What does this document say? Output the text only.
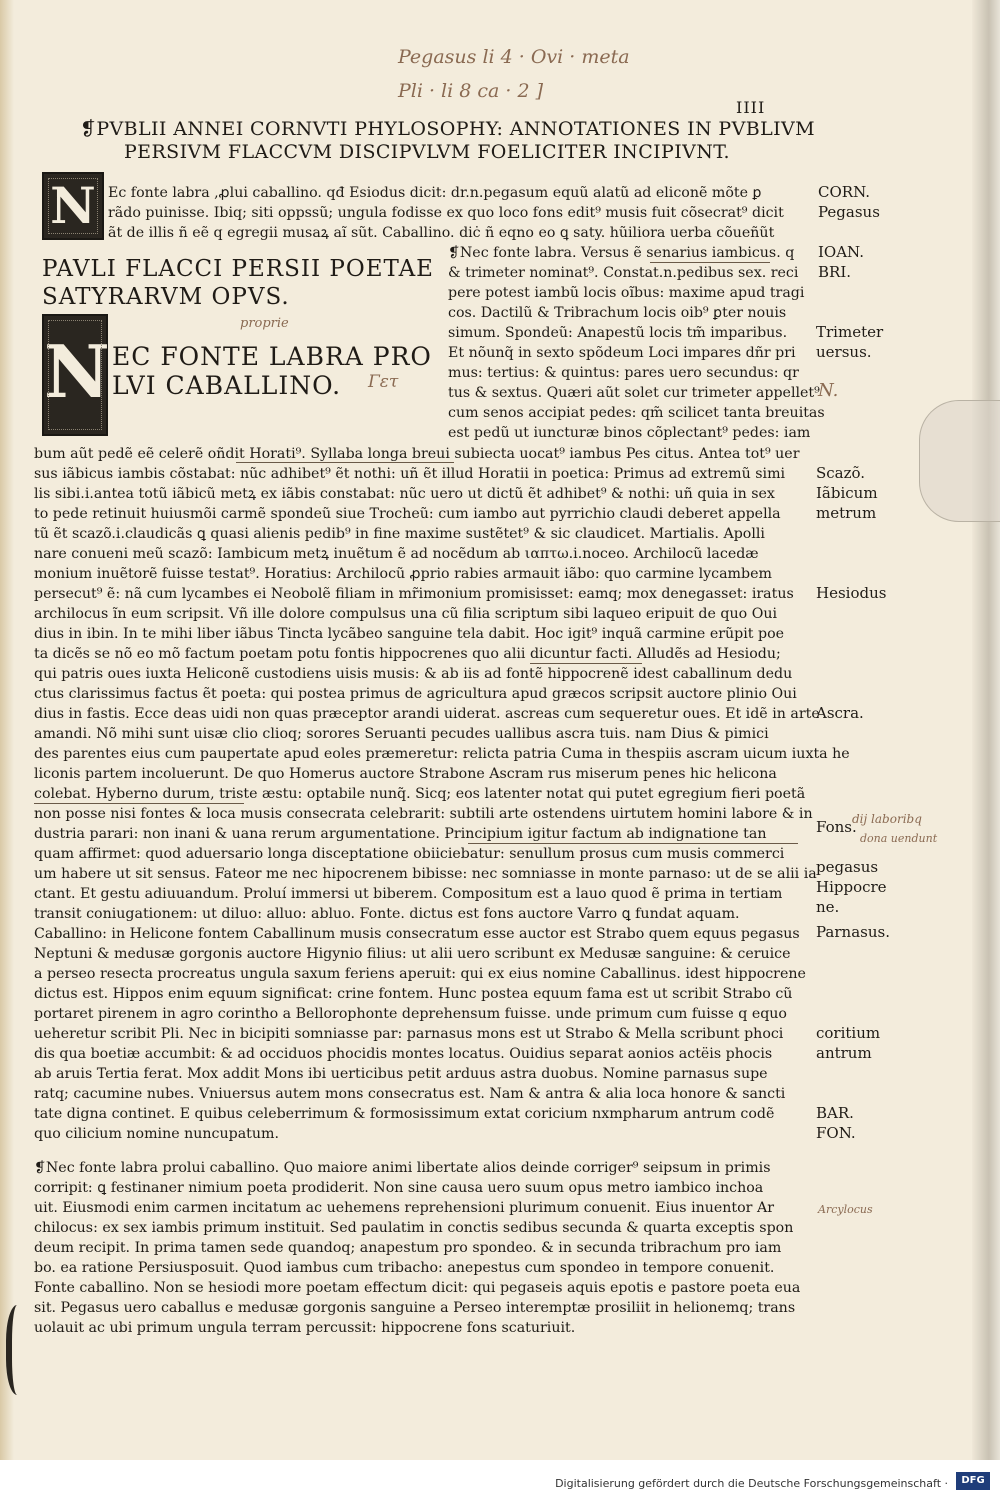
Pegasus li 4 · Ovi · meta
Pli · li 8 ca · 2 ]
IIII
❡PVBLII ANNEI CORNVTI PHYLOSOPHY: ANNOTATIONES IN PVBLIVM
PERSIVM FLACCVM DISCIPVLVM FOELICITER INCIPIVNT.
N Ec fonte labra ,ꝓlui caballino. qđ Esiodus dicit: dr.n.pegasum equũ alatũ ad eliconẽ mõte ꝑ
rãdo puinisse. Ibiq; siti oppssũ; ungula fodisse ex quo loco fons edit⁹ musis fuit cõsecrat⁹ dicit
ãt de illis ñ eẽ q egregii musaꝝ aĩ sũt. Caballino. diċ ñ eqno eo ꝗ saty. hũiliora uerba cõueñũt
PAVLI FLACCI PERSII POETAE
SATYRARVM OPVS.
N
proprie
EC FONTE LABRA PRO
LVI CABALLINO. Γετ
❡Nec fonte labra. Versus ẽ senarius iambicus. q
& trimeter nominat⁹. Constat.n.pedibus sex. reci
pere potest iambũ locis oĩbus: maxime apud tragi
cos. Dactilũ & Tribrachum locis oib⁹ ꝑter nouis
simum. Spondeũ: Anapestũ locis tm̃ imparibus.
Et nõunq̃ in sexto spõdeum Loci impares dñr pri
mus: tertius: & quintus: pares uero secundus: qr
tus & sextus. Quæri aũt solet cur trimeter appellet⁹
cum senos accipiat pedes: qm̃ scilicet tanta breuitas
est pedũ ut iuncturæ binos cõplectant⁹ pedes: iam
bum aũt pedẽ eẽ celerẽ oñdit Horati⁹. Syllaba longa breui subiecta uocat⁹ iambus Pes citus. Antea tot⁹ uer
sus iãbicus iambis cõstabat: nũc adhibet⁹ ẽt nothi: uñ ẽt illud Horatii in poetica: Primus ad extremũ simi
lis sibi.i.antea totũ iãbicũ metꝝ ex iãbis constabat: nũc uero ut dictũ ẽt adhibet⁹ & nothi: uñ quia in sex
to pede retinuit huiusmõi carmẽ spondeũ siue Trocheũ: cum iambo aut pyrrichio claudi deberet appella
tũ ẽt scazõ.i.claudicãs ꝗ quasi alienis pedib⁹ in fine maxime sustẽtet⁹ & sic claudicet. Martialis. Apolli
nare conueni meũ scazõ: Iambicum metꝝ inuẽtum ẽ ad nocẽdum ab ιαπτω.i.noceo. Archilocũ lacedæ
monium inuẽtorẽ fuisse testat⁹. Horatius: Archilocũ ꝓprio rabies armauit iãbo: quo carmine lycambem
persecut⁹ ẽ: nã cum lycambes ei Neobolẽ filiam in mr̃imonium promisisset: eamq; mox denegasset: iratus
archilocus ĩn eum scripsit. Vñ ille dolore compulsus una cũ filia scriptum sibi laqueo eripuit de quo Oui
dius in ibin. In te mihi liber iãbus Tincta lycãbeo sanguine tela dabit. Hoc igit⁹ inquã carmine erũpit poe
ta dicẽs se nõ eo mõ factum poetam potu fontis hippocrenes quo alii dicuntur facti. Alludẽs ad Hesiodu;
qui patris oues iuxta Heliconẽ custodiens uisis musis: & ab iis ad fontẽ hippocrenẽ idest caballinum dedu
ctus clarissimus factus ẽt poeta: qui postea primus de agricultura apud græcos scripsit auctore plinio Oui
dius in fastis. Ecce deas uidi non quas præceptor arandi uiderat. ascreas cum sequeretur oues. Et idẽ in arte
amandi. Nõ mihi sunt uisæ clio clioq; sorores Seruanti pecudes uallibus ascra tuis. nam Dius & pimici
des parentes eius cum paupertate apud eoles præmeretur: relicta patria Cuma in thespiis ascram uicum iuxta he
liconis partem incoluerunt. De quo Homerus auctore Strabone Ascram rus miserum penes hic helicona
colebat. Hyberno durum, triste æstu: optabile nunq̃. Sicq; eos latenter notat qui putet egregium fieri poetã
non posse nisi fontes & loca musis consecrata celebrarit: subtili arte ostendens uirtutem homini labore & in
dustria parari: non inani & uana rerum argumentatione. Principium igitur factum ab indignatione tan
quam affirmet: quod aduersario longa disceptatione obiiciebatur: senullum prosus cum musis commerci
um habere ut sit sensus. Fateor me nec hipocrenem bibisse: nec somniasse in monte parnaso: ut de se alii ia
ctant. Et gestu adiuuandum. Proluí immersi ut biberem. Compositum est a lauo quod ẽ prima in tertiam
transit coniugationem: ut diluo: alluo: abluo. Fonte. dictus est fons auctore Varro ꝗ fundat aquam.
Caballino: in Helicone fontem Caballinum musis consecratum esse auctor est Strabo quem equus pegasus
Neptuni & medusæ gorgonis auctore Higynio filius: ut alii uero scribunt ex Medusæ sanguine: & ceruice
a perseo resecta procreatus ungula saxum feriens aperuit: qui ex eius nomine Caballinus. idest hippocrene
dictus est. Hippos enim equum significat: crine fontem. Hunc postea equum fama est ut scribit Strabo cũ
portaret pirenem in agro corintho a Bellorophonte deprehensum fuisse. unde primum cum fuisse q equo
ueheretur scribit Pli. Nec in bicipiti somniasse par: parnasus mons est ut Strabo & Mella scribunt phoci
dis qua boetiæ accumbit: & ad occiduos phocidis montes locatus. Ouidius separat aonios actëis phocis
ab aruis Tertia ferat. Mox addit Mons ibi uerticibus petit arduus astra duobus. Nomine parnasus supe
ratq; cacumine nubes. Vniuersus autem mons consecratus est. Nam & antra & alia loca honore & sancti
tate digna continet. E quibus celeberrimum & formosissimum extat coricium nxmpharum antrum codẽ
quo cilicium nomine nuncupatum.
❡Nec fonte labra prolui caballino. Quo maiore animi libertate alios deinde corriger⁹ seipsum in primis
corripit: ꝗ festinaner nimium poeta prodiderit. Non sine causa uero suum opus metro iambico inchoa
uit. Eiusmodi enim carmen incitatum ac uehemens reprehensioni plurimum conuenit. Eius inuentor Ar
chilocus: ex sex iambis primum instituit. Sed paulatim in conctis sedibus secunda & quarta exceptis spon
deum recipit. In prima tamen sede quandoq; anapestum pro spondeo. & in secunda tribrachum pro iam
bo. ea ratione Persiusposuit. Quod iambus cum tribacho: anepestus cum spondeo in tempore conuenit.
Fonte caballino. Non se hesiodi more poetam effectum dicit: qui pegaseis aquis epotis e pastore poeta eua
sit. Pegasus uero caballus e medusæ gorgonis sanguine a Perseo interemptæ prosiliit in helionemq; trans
uolauit ac ubi primum ungula terram percussit: hippocrene fons scaturiuit.
CORN.
Pegasus
IOAN.
BRI.
Trimeter
uersus.
Scazõ.
Iãbicum
metrum
Hesiodus
Ascra.
Fons.
pegasus
Hippocre
ne.
Parnasus.
coritium
antrum
BAR.
FON.
N.
dij laboribq
dona uendunt
Arcylocus
Digitalisierung gefördert durch die Deutsche Forschungsgemeinschaft ·	DFG
